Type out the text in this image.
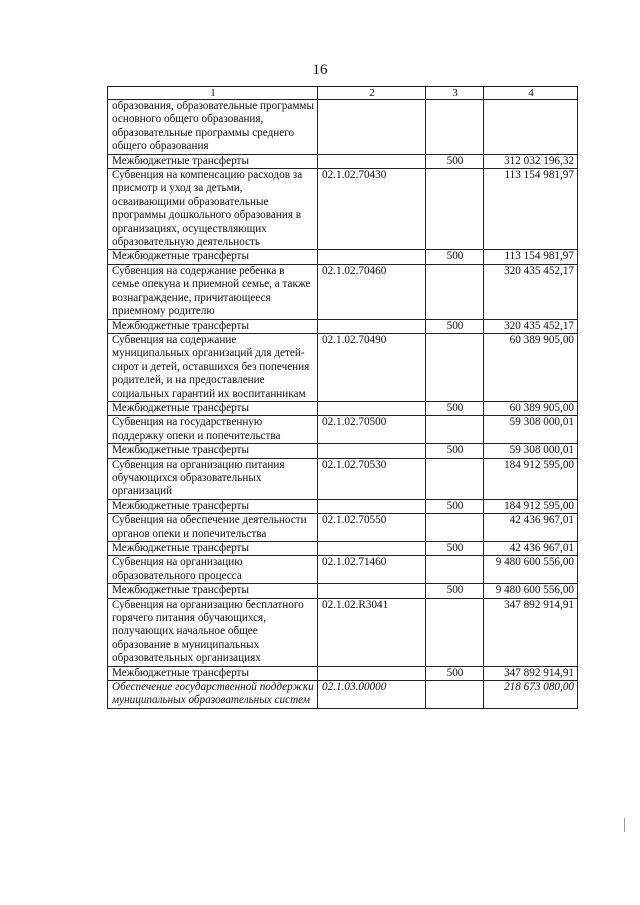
16
1	2	3	4
образования, образовательные программы основного общего образования, образовательные программы среднего общего образования			
Межбюджетные трансферты		500	312 032 196,32
Субвенция на компенсацию расходов за присмотр и уход за детьми, осваивающими образовательные программы дошкольного образования в организациях, осуществляющих образовательную деятельность	02.1.02.70430		113 154 981,97
Межбюджетные трансферты		500	113 154 981,97
Субвенция на содержание ребенка в семье опекуна и приемной семье, а также вознаграждение, причитающееся приемному родителю	02.1.02.70460		320 435 452,17
Межбюджетные трансферты		500	320 435 452,17
Субвенция на содержание муниципальных организаций для детей-сирот и детей, оставшихся без попечения родителей, и на предоставление социальных гарантий их воспитанникам	02.1.02.70490		60 389 905,00
Межбюджетные трансферты		500	60 389 905,00
Субвенция на государственную поддержку опеки и попечительства	02.1.02.70500		59 308 000,01
Межбюджетные трансферты		500	59 308 000,01
Субвенция на организацию питания обучающихся образовательных организаций	02.1.02.70530		184 912 595,00
Межбюджетные трансферты		500	184 912 595,00
Субвенция на обеспечение деятельности органов опеки и попечительства	02.1.02.70550		42 436 967,01
Межбюджетные трансферты		500	42 436 967,01
Субвенция на организацию образовательного процесса	02.1.02.71460		9 480 600 556,00
Межбюджетные трансферты		500	9 480 600 556,00
Субвенция на организацию бесплатного горячего питания обучающихся, получающих начальное общее образование в муниципальных образовательных организациях	02.1.02.R3041		347 892 914,91
Межбюджетные трансферты		500	347 892 914,91
Обеспечение государственной поддержки муниципальных образовательных систем	02.1.03.00000		218 673 080,00
